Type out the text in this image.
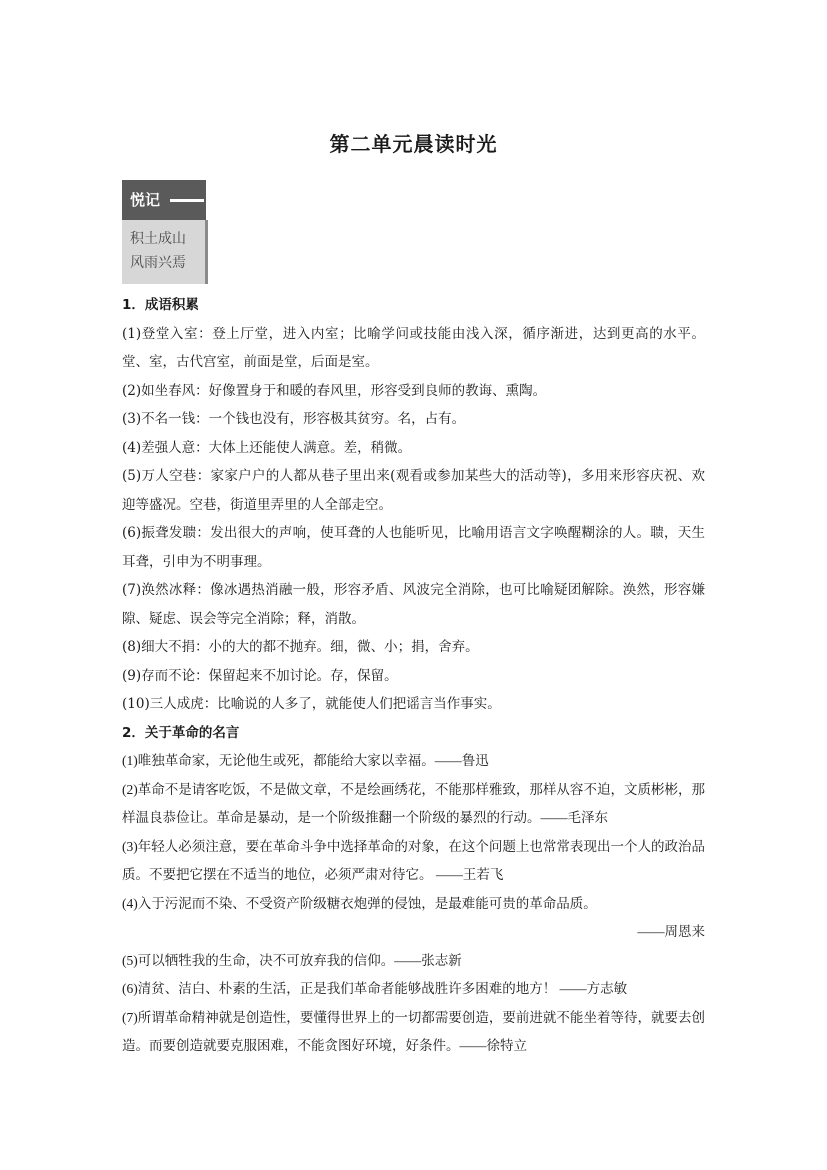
第二单元晨读时光
悦记
积土成山
风雨兴焉
1．成语积累
(1)登堂入室：登上厅堂，进入内室；比喻学问或技能由浅入深，循序渐进，达到更高的水平。堂、室，古代宫室，前面是堂，后面是室。
(2)如坐春风：好像置身于和暖的春风里，形容受到良师的教诲、熏陶。
(3)不名一钱：一个钱也没有，形容极其贫穷。名，占有。
(4)差强人意：大体上还能使人满意。差，稍微。
(5)万人空巷：家家户户的人都从巷子里出来(观看或参加某些大的活动等)，多用来形容庆祝、欢迎等盛况。空巷，街道里弄里的人全部走空。
(6)振聋发聩：发出很大的声响，使耳聋的人也能听见，比喻用语言文字唤醒糊涂的人。聩，天生耳聋，引申为不明事理。
(7)涣然冰释：像冰遇热消融一般，形容矛盾、风波完全消除，也可比喻疑团解除。涣然，形容嫌隙、疑虑、误会等完全消除；释，消散。
(8)细大不捐：小的大的都不抛弃。细，微、小；捐，舍弃。
(9)存而不论：保留起来不加讨论。存，保留。
(10)三人成虎：比喻说的人多了，就能使人们把谣言当作事实。
2．关于革命的名言
(1)唯独革命家，无论他生或死，都能给大家以幸福。——鲁迅
(2)革命不是请客吃饭，不是做文章，不是绘画绣花，不能那样雅致，那样从容不迫，文质彬彬，那样温良恭俭让。革命是暴动，是一个阶级推翻一个阶级的暴烈的行动。——毛泽东
(3)年轻人必须注意，要在革命斗争中选择革命的对象，在这个问题上也常常表现出一个人的政治品质。不要把它摆在不适当的地位，必须严肃对待它。 ——王若飞
(4)入于污泥而不染、不受资产阶级糖衣炮弹的侵蚀，是最难能可贵的革命品质。
——周恩来
(5)可以牺牲我的生命，决不可放弃我的信仰。——张志新
(6)清贫、洁白、朴素的生活，正是我们革命者能够战胜许多困难的地方！ ——方志敏
(7)所谓革命精神就是创造性，要懂得世界上的一切都需要创造，要前进就不能坐着等待，就要去创造。而要创造就要克服困难，不能贪图好环境，好条件。——徐特立
